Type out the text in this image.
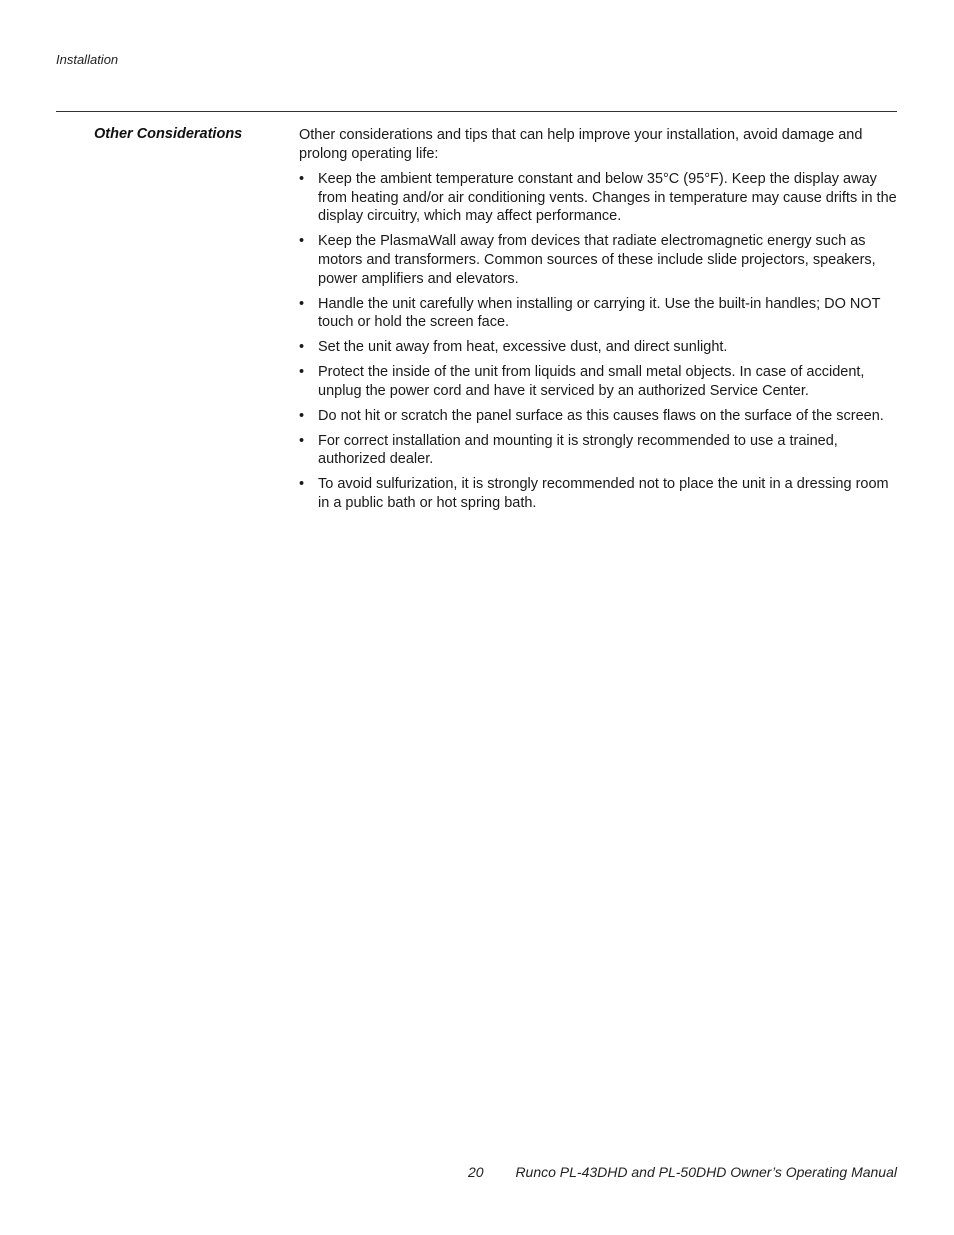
Installation
Other Considerations	Other considerations and tips that can help improve your installation, avoid damage and prolong operating life:

• Keep the ambient temperature constant and below 35°C (95°F). Keep the display away from heating and/or air conditioning vents. Changes in temperature may cause drifts in the display circuitry, which may affect performance.
• Keep the PlasmaWall away from devices that radiate electromagnetic energy such as motors and transformers. Common sources of these include slide projectors, speakers, power amplifiers and elevators.
• Handle the unit carefully when installing or carrying it. Use the built-in handles; DO NOT touch or hold the screen face.
• Set the unit away from heat, excessive dust, and direct sunlight.
• Protect the inside of the unit from liquids and small metal objects. In case of accident, unplug the power cord and have it serviced by an authorized Service Center.
• Do not hit or scratch the panel surface as this causes flaws on the surface of the screen.
• For correct installation and mounting it is strongly recommended to use a trained, authorized dealer.
• To avoid sulfurization, it is strongly recommended not to place the unit in a dressing room in a public bath or hot spring bath.
20 Runco PL-43DHD and PL-50DHD Owner’s Operating Manual
